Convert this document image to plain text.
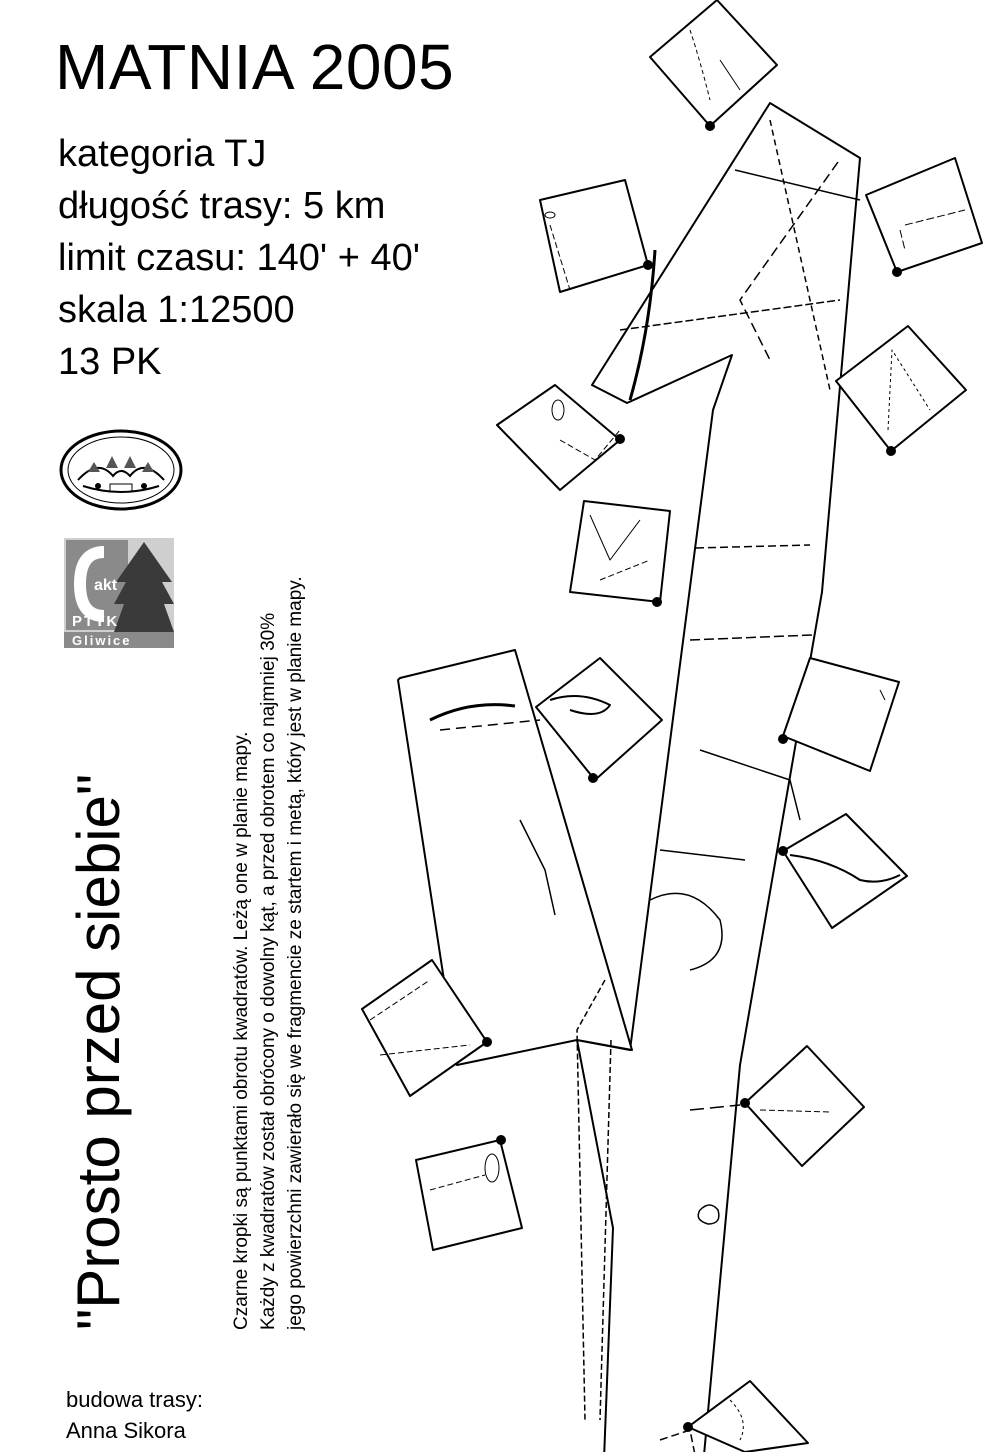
MATNIA 2005
kategoria TJ
długość trasy: 5 km
limit czasu: 140' + 40'
skala 1:12500
13 PK
akt
PTTK
Gliwice
"Prosto przed siebie"	Czarne kropki są punktami obrotu kwadratów. Leżą one w planie mapy. Każdy z kwadratów został obrócony o dowolny kąt, a przed obrotem co najmniej 30% jego powierzchni zawierało się we fragmencie ze startem i metą, który jest w planie mapy.
budowa trasy:
Anna Sikora
